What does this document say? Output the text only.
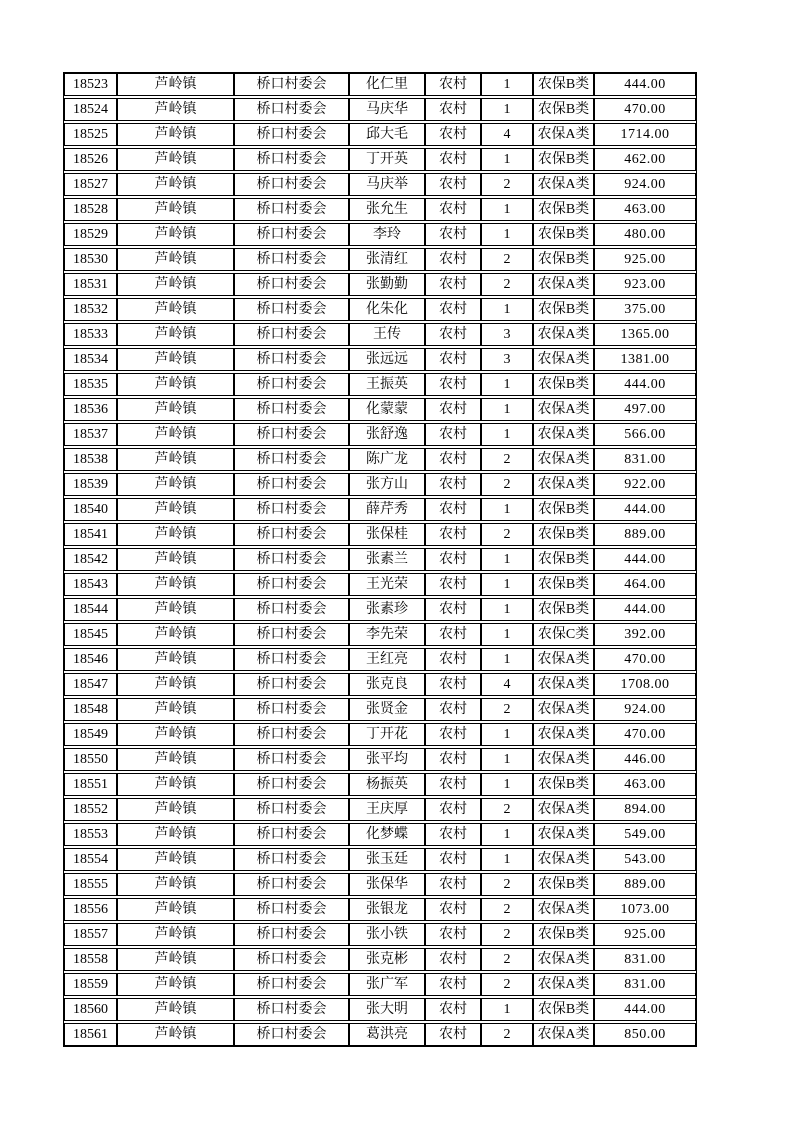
18523	芦岭镇	桥口村委会	化仁里	农村	1	农保B类	444.00
18524	芦岭镇	桥口村委会	马庆华	农村	1	农保B类	470.00
18525	芦岭镇	桥口村委会	邱大毛	农村	4	农保A类	1714.00
18526	芦岭镇	桥口村委会	丁开英	农村	1	农保B类	462.00
18527	芦岭镇	桥口村委会	马庆举	农村	2	农保A类	924.00
18528	芦岭镇	桥口村委会	张允生	农村	1	农保B类	463.00
18529	芦岭镇	桥口村委会	李玲	农村	1	农保B类	480.00
18530	芦岭镇	桥口村委会	张清红	农村	2	农保B类	925.00
18531	芦岭镇	桥口村委会	张勤勤	农村	2	农保A类	923.00
18532	芦岭镇	桥口村委会	化朱化	农村	1	农保B类	375.00
18533	芦岭镇	桥口村委会	王传	农村	3	农保A类	1365.00
18534	芦岭镇	桥口村委会	张远远	农村	3	农保A类	1381.00
18535	芦岭镇	桥口村委会	王振英	农村	1	农保B类	444.00
18536	芦岭镇	桥口村委会	化蒙蒙	农村	1	农保A类	497.00
18537	芦岭镇	桥口村委会	张舒逸	农村	1	农保A类	566.00
18538	芦岭镇	桥口村委会	陈广龙	农村	2	农保A类	831.00
18539	芦岭镇	桥口村委会	张方山	农村	2	农保A类	922.00
18540	芦岭镇	桥口村委会	薛芹秀	农村	1	农保B类	444.00
18541	芦岭镇	桥口村委会	张保桂	农村	2	农保B类	889.00
18542	芦岭镇	桥口村委会	张素兰	农村	1	农保B类	444.00
18543	芦岭镇	桥口村委会	王光荣	农村	1	农保B类	464.00
18544	芦岭镇	桥口村委会	张素珍	农村	1	农保B类	444.00
18545	芦岭镇	桥口村委会	李先荣	农村	1	农保C类	392.00
18546	芦岭镇	桥口村委会	王红亮	农村	1	农保A类	470.00
18547	芦岭镇	桥口村委会	张克良	农村	4	农保A类	1708.00
18548	芦岭镇	桥口村委会	张贤金	农村	2	农保A类	924.00
18549	芦岭镇	桥口村委会	丁开花	农村	1	农保A类	470.00
18550	芦岭镇	桥口村委会	张平均	农村	1	农保A类	446.00
18551	芦岭镇	桥口村委会	杨振英	农村	1	农保B类	463.00
18552	芦岭镇	桥口村委会	王庆厚	农村	2	农保A类	894.00
18553	芦岭镇	桥口村委会	化梦蝶	农村	1	农保A类	549.00
18554	芦岭镇	桥口村委会	张玉廷	农村	1	农保A类	543.00
18555	芦岭镇	桥口村委会	张保华	农村	2	农保B类	889.00
18556	芦岭镇	桥口村委会	张银龙	农村	2	农保A类	1073.00
18557	芦岭镇	桥口村委会	张小铁	农村	2	农保B类	925.00
18558	芦岭镇	桥口村委会	张克彬	农村	2	农保A类	831.00
18559	芦岭镇	桥口村委会	张广军	农村	2	农保A类	831.00
18560	芦岭镇	桥口村委会	张大明	农村	1	农保B类	444.00
18561	芦岭镇	桥口村委会	葛洪亮	农村	2	农保A类	850.00
